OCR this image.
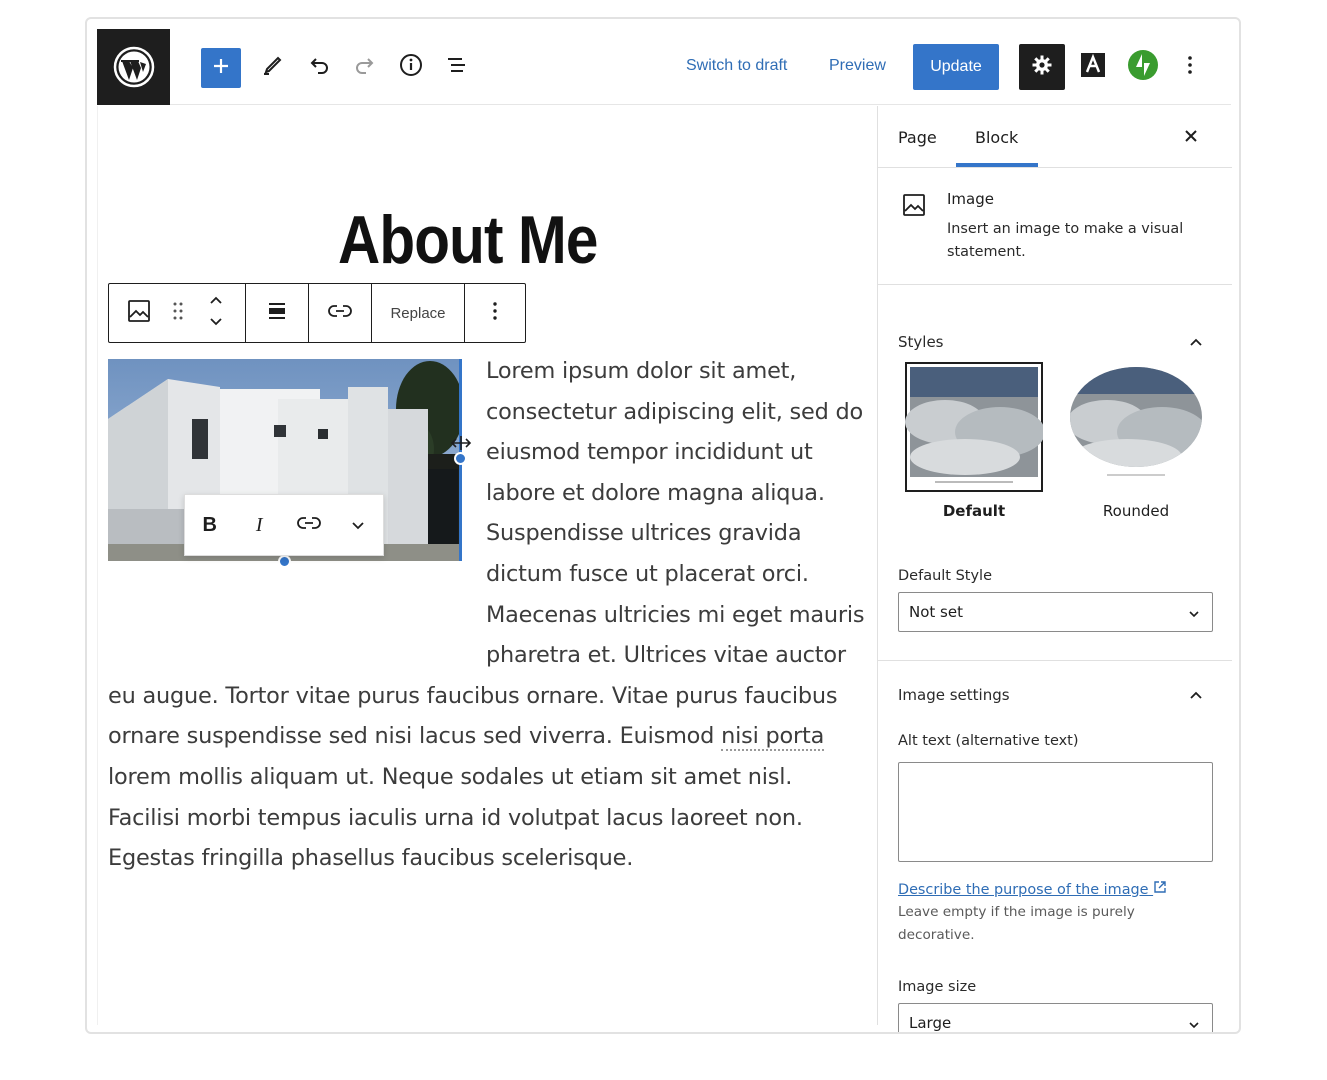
Switch to draft	Preview	Update
About Me
Lorem ipsum dolor sit amet, consectetur adipiscing elit, sed do eiusmod tempor incididunt ut labore et dolore magna aliqua. Suspendisse ultrices gravida dictum fusce ut placerat orci. Maecenas ultricies mi eget mauris pharetra et. Ultrices vitae auctor eu augue. Tortor vitae purus faucibus ornare. Vitae purus faucibus ornare suspendisse sed nisi lacus sed viverra. Euismod nisi porta lorem mollis aliquam ut. Neque sodales ut etiam sit amet nisl. Facilisi morbi tempus iaculis urna id volutpat lacus laoreet non. Egestas fringilla phasellus faucibus scelerisque.
Replace
B	I
Page Block
Image
Insert an image to make a visual statement.
Styles
Default	Rounded
Default Style
Not set
Image settings
Alt text (alternative text)
Describe the purpose of the image
Leave empty if the image is purely decorative.
Image size
Large
